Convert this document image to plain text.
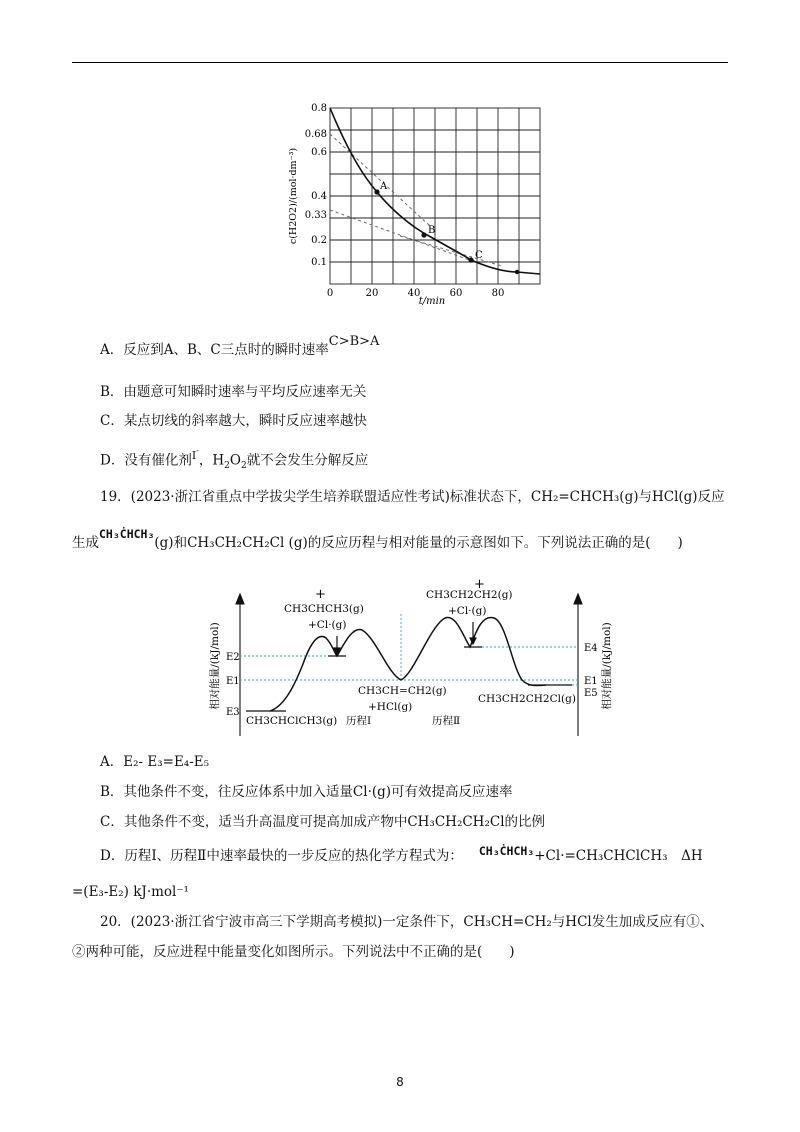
A
B
C
0.8
0.68
0.6
0.4
0.33
0.2
0.1
0	20	40	60	80
t/min
c(H2O2)/(mol·dm⁻³)
A．反应到A、B、C三点时的瞬时速率C>B>A
B．由题意可知瞬时速率与平均反应速率无关
C．某点切线的斜率越大，瞬时反应速率越快
D．没有催化剂$^{I-}$，$H_2O_2$就不会发生分解反应
19．(2023·浙江省重点中学拔尖学生培养联盟适应性考试)标准状态下，CH₂=CHCH₃(g)与HCl(g)反应
生成CH₃ĊHCH₃(g)和CH₃CH₂CH₂Cl (g)的反应历程与相对能量的示意图如下。下列说法正确的是(　　)
E2
E1
E3
E4
E1
E5
+
CH3CHCH3(g)
+Cl·(g)
+
CH3CH2CH2(g)
+Cl·(g)
CH3CH=CH2(g)
+HCl(g)
CH3CHClCH3(g)
CH3CH2CH2Cl(g)
历程Ⅰ	历程Ⅱ
相对能量/(kJ/mol)	相对能量/(kJ/mol)
A．E₂- E₃=E₄-E₅
B．其他条件不变，往反应体系中加入适量Cl·(g)可有效提高反应速率
C．其他条件不变，适当升高温度可提高加成产物中CH₃CH₂CH₂Cl的比例
D．历程Ⅰ、历程Ⅱ中速率最快的一步反应的热化学方程式为： CH₃ĊHCH₃+Cl·=CH₃CHClCH₃　ΔH
=(E₃-E₂) kJ·mol⁻¹
20．(2023·浙江省宁波市高三下学期高考模拟)一定条件下，CH₃CH=CH₂与HCl发生加成反应有①、
②两种可能，反应进程中能量变化如图所示。下列说法中不正确的是(　　)
8
